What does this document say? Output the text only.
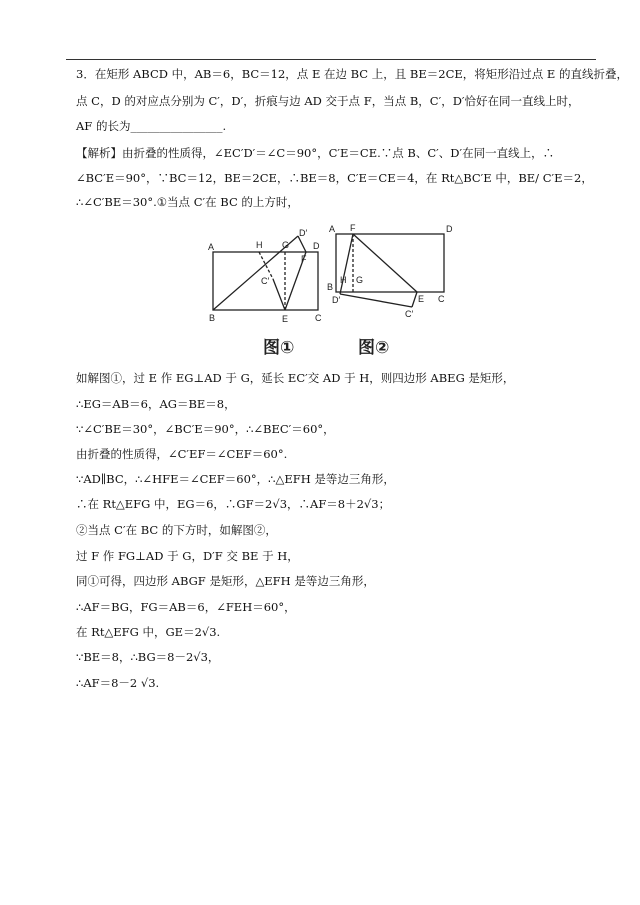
3．在矩形 ABCD 中，AB＝6，BC＝12，点 E 在边 BC 上，且 BE＝2CE，将矩形沿过点 E 的直线折叠，
点 C，D 的对应点分别为 C′，D′，折痕与边 AD 交于点 F，当点 B，C′，D′恰好在同一直线上时，
AF 的长为________________.
【解析】由折叠的性质得，∠EC′D′＝∠C＝90°，C′E＝CE.∵点 B、C′、D′在同一直线上，∴
∠BC′E＝90°，∵BC＝12，BE＝2CE，∴BE＝8，C′E＝CE＝4，在 Rt△BC′E 中，BE/ C′E＝2，
∴∠C′BE＝30°.①当点 C′在 BC 的上方时，
A	H G
D′
D
F
C′
B	E	C
A F	D
H G
B
D′	E C
C′
图①	图②
如解图①，过 E 作 EG⊥AD 于 G，延长 EC′交 AD 于 H，则四边形 ABEG 是矩形，
∴EG＝AB＝6，AG＝BE＝8，
∵∠C′BE＝30°，∠BC′E＝90°，∴∠BEC′＝60°，
由折叠的性质得，∠C′EF＝∠CEF＝60°.
∵AD∥BC，∴∠HFE＝∠CEF＝60°，∴△EFH 是等边三角形，
∴在 Rt△EFG 中，EG＝6，∴GF＝2√3，∴AF＝8＋2√3；
②当点 C′在 BC 的下方时，如解图②，
过 F 作 FG⊥AD 于 G，D′F 交 BE 于 H，
同①可得，四边形 ABGF 是矩形，△EFH 是等边三角形，
∴AF＝BG，FG＝AB＝6，∠FEH＝60°，
在 Rt△EFG 中，GE＝2√3.
∵BE＝8，∴BG＝8－2√3，
∴AF＝8－2 √3.
